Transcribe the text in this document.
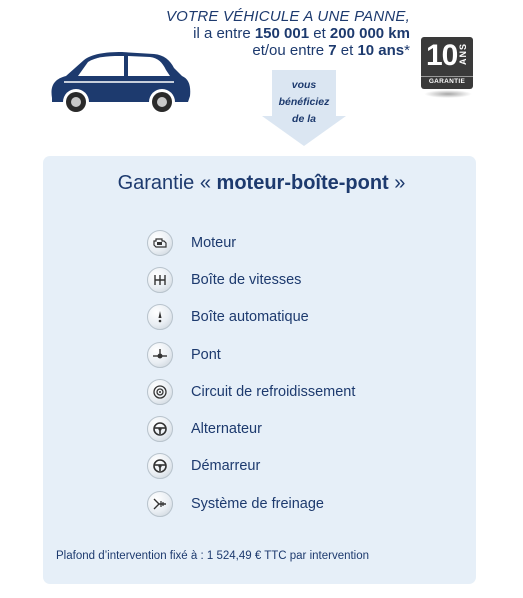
VOTRE VÉHICULE A UNE PANNE,
il a entre 150 001 et 200 000 km
et/ou entre 7 et 10 ans* 10 ANS
GARANTIE
vous
bénéficiez
de la
Garantie « moteur-boîte-pont »
Moteur
Boîte de vitesses
Boîte automatique
Pont
Circuit de refroidissement
Alternateur
Démarreur
Système de freinage
Plafond d’intervention fixé à : 1 524,49 € TTC par intervention
